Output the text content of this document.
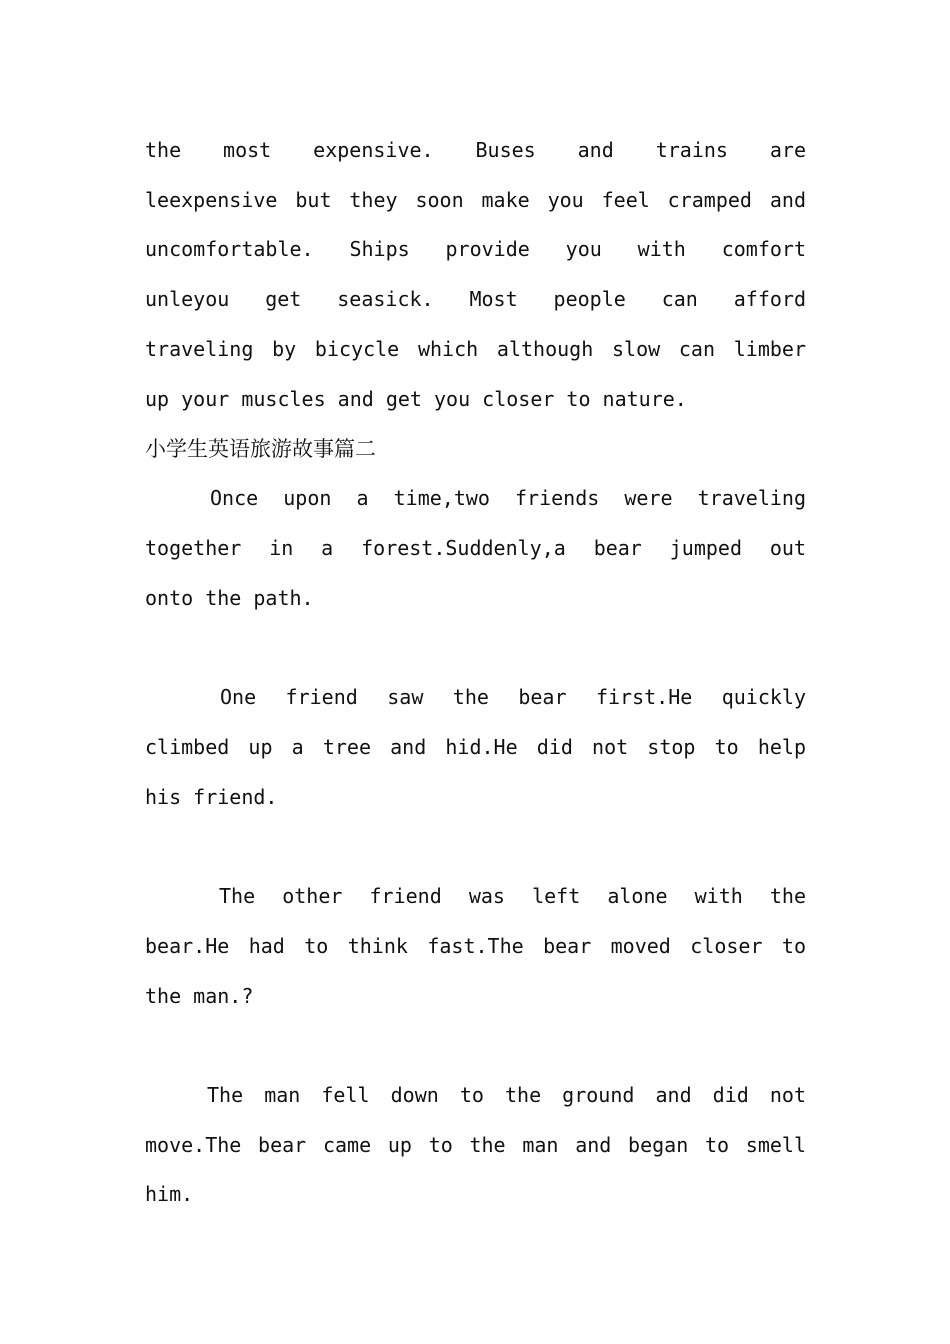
the most expensive. Buses and trains are
leexpensive but they soon make you feel cramped and
uncomfortable. Ships provide you with comfort
unleyou get seasick. Most people can afford
traveling by bicycle which although slow can limber
up your muscles and get you closer to nature.
小学生英语旅游故事篇二
Once upon a time,two friends were traveling
together in a forest.Suddenly,a bear jumped out
onto the path.
One friend saw the bear first.He quickly
climbed up a tree and hid.He did not stop to help
his friend.
The other friend was left alone with the
bear.He had to think fast.The bear moved closer to
the man.?
The man fell down to the ground and did not
move.The bear came up to the man and began to smell
him.
